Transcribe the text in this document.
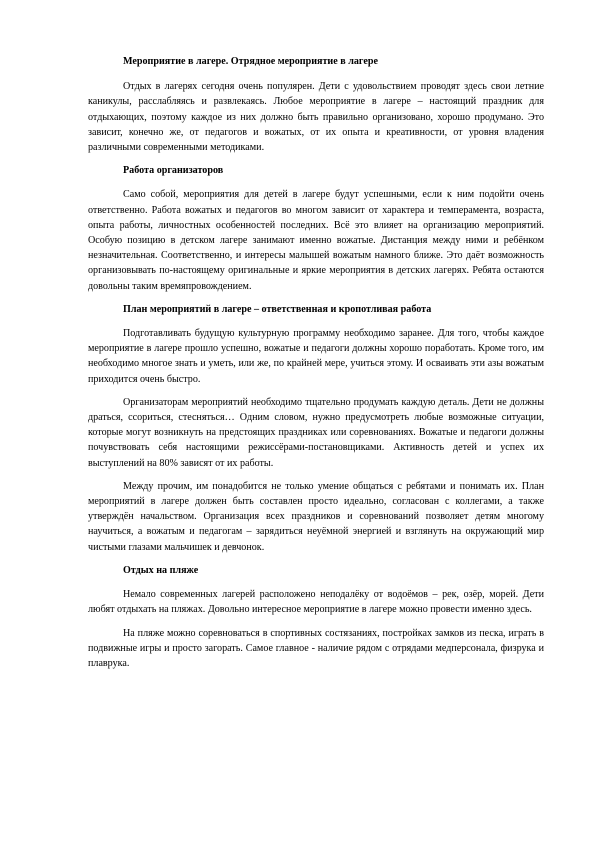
Мероприятие в лагере. Отрядное мероприятие в лагере

Отдых в лагерях сегодня очень популярен. Дети с удовольствием проводят здесь свои летние каникулы, расслабляясь и развлекаясь. Любое мероприятие в лагере – настоящий праздник для отдыхающих, поэтому каждое из них должно быть правильно организовано, хорошо продумано. Это зависит, конечно же, от педагогов и вожатых, от их опыта и креативности, от уровня владения различными современными методиками.

Работа организаторов

Само собой, мероприятия для детей в лагере будут успешными, если к ним подойти очень ответственно. Работа вожатых и педагогов во многом зависит от характера и темперамента, возраста, опыта работы, личностных особенностей последних. Всё это влияет на организацию мероприятий. Особую позицию в детском лагере занимают именно вожатые. Дистанция между ними и ребёнком незначительная. Соответственно, и интересы малышей вожатым намного ближе. Это даёт возможность организовывать по-настоящему оригинальные и яркие мероприятия в детских лагерях. Ребята остаются довольны таким времяпровождением.

План мероприятий в лагере – ответственная и кропотливая работа

Подготавливать будущую культурную программу необходимо заранее. Для того, чтобы каждое мероприятие в лагере прошло успешно, вожатые и педагоги должны хорошо поработать. Кроме того, им необходимо многое знать и уметь, или же, по крайней мере, учиться этому. И осваивать эти азы вожатым приходится очень быстро.

Организаторам мероприятий необходимо тщательно продумать каждую деталь. Дети не должны драться, ссориться, стесняться… Одним словом, нужно предусмотреть любые возможные ситуации, которые могут возникнуть на предстоящих праздниках или соревнованиях. Вожатые и педагоги должны почувствовать себя настоящими режиссёрами-постановщиками. Активность детей и успех их выступлений на 80% зависят от их работы.

Между прочим, им понадобится не только умение общаться с ребятами и понимать их. План мероприятий в лагере должен быть составлен просто идеально, согласован с коллегами, а также утверждён начальством. Организация всех праздников и соревнований позволяет детям многому научиться, а вожатым и педагогам – зарядиться неуёмной энергией и взглянуть на окружающий мир чистыми глазами мальчишек и девчонок.

Отдых на пляже

Немало современных лагерей расположено неподалёку от водоёмов – рек, озёр, морей. Дети любят отдыхать на пляжах. Довольно интересное мероприятие в лагере можно провести именно здесь.

На пляже можно соревноваться в спортивных состязаниях, постройках замков из песка, играть в подвижные игры и просто загорать. Самое главное - наличие рядом с отрядами медперсонала, физрука и плаврука.
